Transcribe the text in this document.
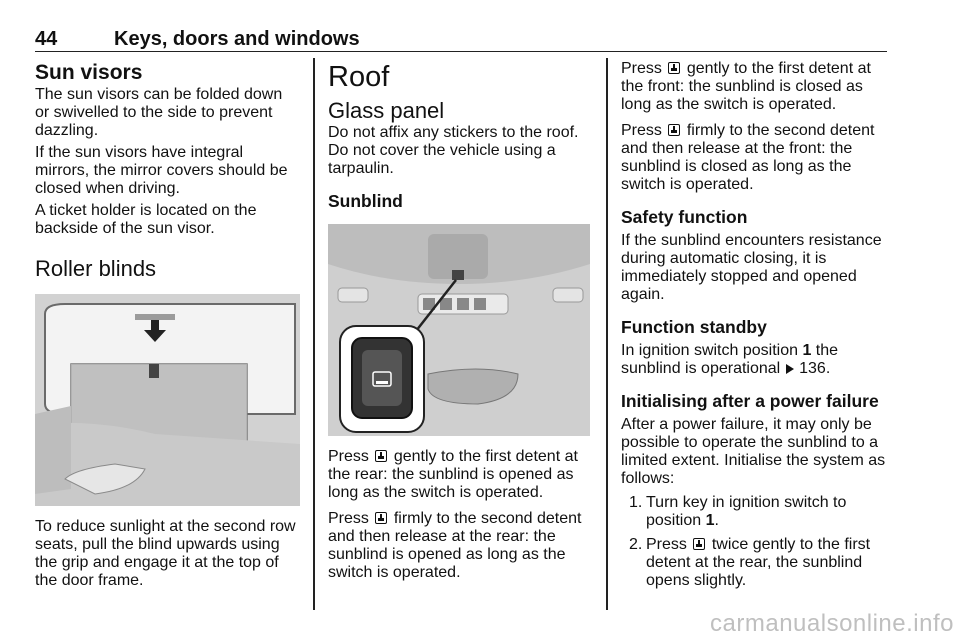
44	Keys, doors and windows
Sun visors
The sun visors can be folded down or swivelled to the side to prevent dazzling.
If the sun visors have integral mirrors, the mirror covers should be closed when driving.
A ticket holder is located on the backside of the sun visor.
Roller blinds
To reduce sunlight at the second row seats, pull the blind upwards using the grip and engage it at the top of the door frame.
Roof
Glass panel
Do not affix any stickers to the roof. Do not cover the vehicle using a tarpaulin.
Sunblind
Press gently to the first detent at the rear: the sunblind is opened as long as the switch is operated.
Press firmly to the second detent and then release at the rear: the sunblind is opened as long as the switch is operated.
Press gently to the first detent at the front: the sunblind is closed as long as the switch is operated.
Press firmly to the second detent and then release at the front: the sunblind is closed as long as the switch is operated.
Safety function
If the sunblind encounters resistance during automatic closing, it is immediately stopped and opened again.
Function standby
In ignition switch position 1 the sunblind is operational 136.
Initialising after a power failure
After a power failure, it may only be possible to operate the sunblind to a limited extent. Initialise the system as follows:
1. Turn key in ignition switch to position 1.
2. Press twice gently to the first detent at the rear, the sunblind opens slightly.
carmanualsonline.info
